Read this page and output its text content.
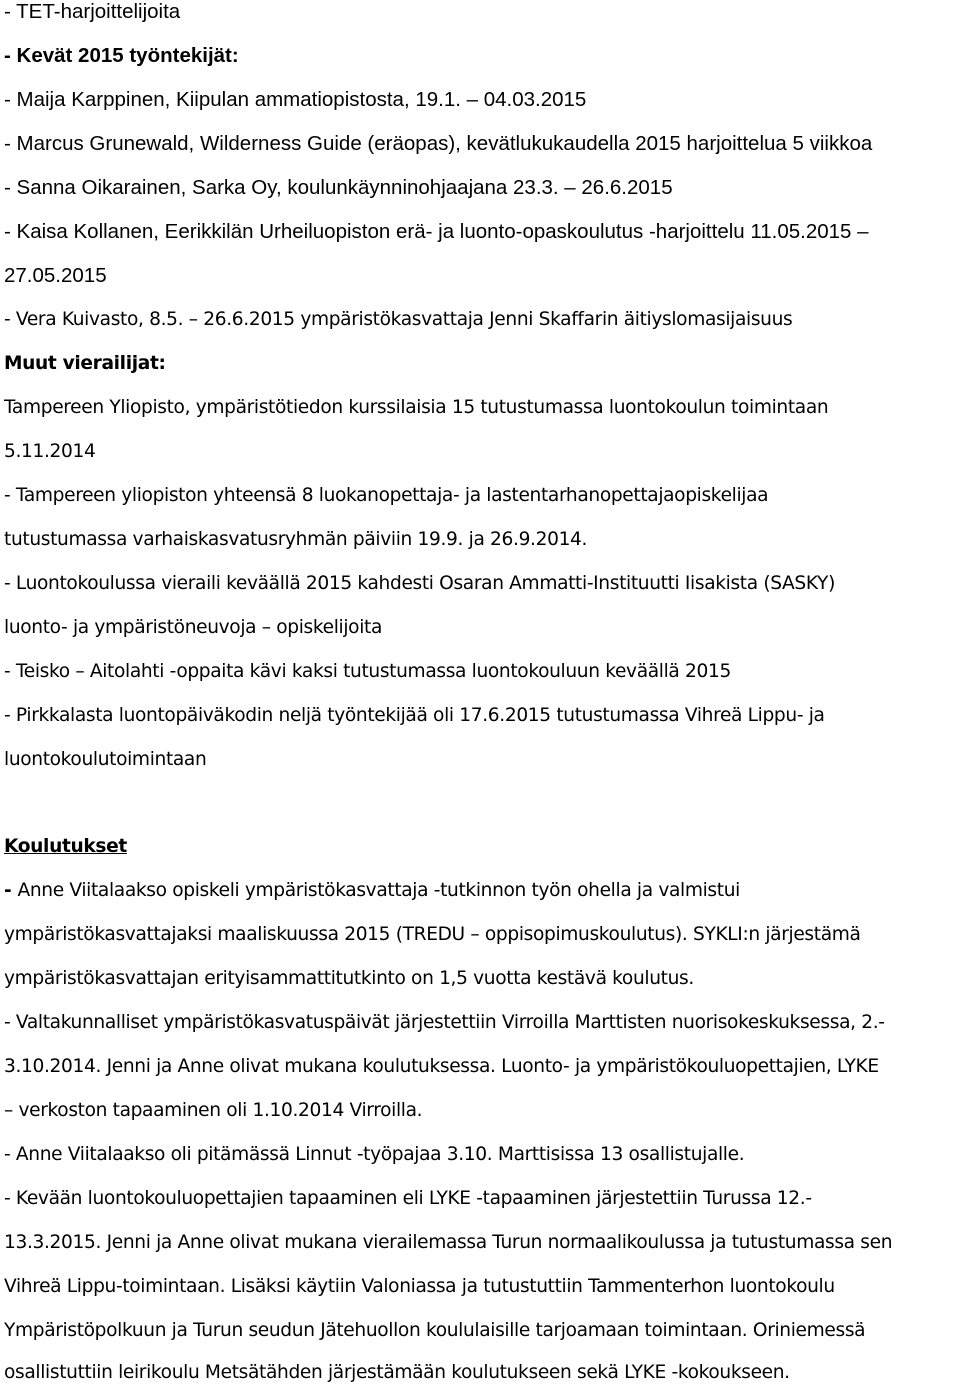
- TET-harjoittelijoita
- Kevät 2015 työntekijät:
- Maija Karppinen, Kiipulan ammatiopistosta, 19.1. – 04.03.2015
- Marcus Grunewald, Wilderness Guide (eräopas), kevätlukukaudella 2015 harjoittelua 5 viikkoa
- Sanna Oikarainen, Sarka Oy, koulunkäynninohjaajana 23.3. – 26.6.2015
- Kaisa Kollanen, Eerikkilän Urheiluopiston erä- ja luonto-opaskoulutus -harjoittelu 11.05.2015 –
27.05.2015
- Vera Kuivasto, 8.5. – 26.6.2015 ympäristökasvattaja Jenni Skaffarin äitiyslomasijaisuus
Muut vierailijat:
Tampereen Yliopisto, ympäristötiedon kurssilaisia 15 tutustumassa luontokoulun toimintaan
5.11.2014
- Tampereen yliopiston yhteensä 8 luokanopettaja- ja lastentarhanopettajaopiskelijaa
tutustumassa varhaiskasvatusryhmän päiviin 19.9. ja 26.9.2014.
- Luontokoulussa vieraili keväällä 2015 kahdesti Osaran Ammatti-Instituutti Iisakista (SASKY)
luonto- ja ympäristöneuvoja – opiskelijoita
- Teisko – Aitolahti -oppaita kävi kaksi tutustumassa luontokouluun keväällä 2015
- Pirkkalasta luontopäiväkodin neljä työntekijää oli 17.6.2015 tutustumassa Vihreä Lippu- ja
luontokoulutoimintaan
Koulutukset
- Anne Viitalaakso opiskeli ympäristökasvattaja -tutkinnon työn ohella ja valmistui
ympäristökasvattajaksi maaliskuussa 2015 (TREDU – oppisopimuskoulutus). SYKLI:n järjestämä
ympäristökasvattajan erityisammattitutkinto on 1,5 vuotta kestävä koulutus.
- Valtakunnalliset ympäristökasvatuspäivät järjestettiin Virroilla Marttisten nuorisokeskuksessa, 2.-
3.10.2014. Jenni ja Anne olivat mukana koulutuksessa. Luonto- ja ympäristökouluopettajien, LYKE
– verkoston tapaaminen oli 1.10.2014 Virroilla.
- Anne Viitalaakso oli pitämässä Linnut -työpajaa 3.10. Marttisissa 13 osallistujalle.
- Kevään luontokouluopettajien tapaaminen eli LYKE -tapaaminen järjestettiin Turussa 12.-
13.3.2015. Jenni ja Anne olivat mukana vierailemassa Turun normaalikoulussa ja tutustumassa sen
Vihreä Lippu-toimintaan. Lisäksi käytiin Valoniassa ja tutustuttiin Tammenterhon luontokoulu
Ympäristöpolkuun ja Turun seudun Jätehuollon koululaisille tarjoamaan toimintaan. Oriniemessä
osallistuttiin leirikoulu Metsätähden järjestämään koulutukseen sekä LYKE -kokoukseen.
